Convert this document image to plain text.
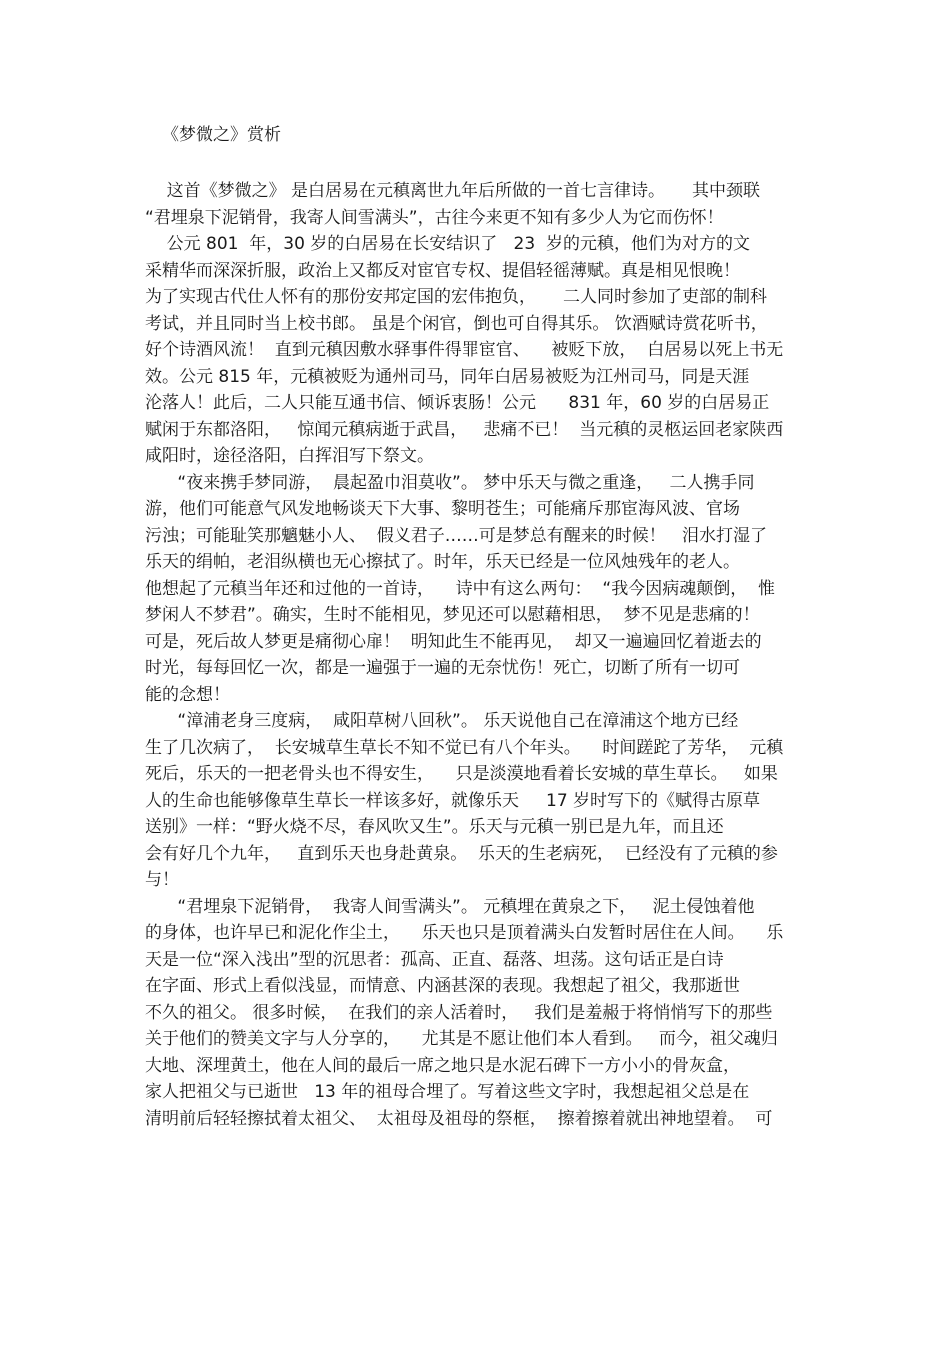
《梦微之》赏析
这首《梦微之》 是白居易在元稹离世九年后所做的一首七言律诗。     其中颈联
“君埋泉下泥销骨，我寄人间雪满头”，古往今来更不知有多少人为它而伤怀！
公元 801  年，30 岁的白居易在长安结识了   23  岁的元稹，他们为对方的文
采精华而深深折服，政治上又都反对宦官专权、提倡轻徭薄赋。真是相见恨晚！
为了实现古代仕人怀有的那份安邦定国的宏伟抱负，     二人同时参加了吏部的制科
考试，并且同时当上校书郎。 虽是个闲官，倒也可自得其乐。 饮酒赋诗赏花听书，
好个诗酒风流！  直到元稹因敷水驿事件得罪宦官、    被贬下放，  白居易以死上书无
效。公元 815 年，元稹被贬为通州司马，同年白居易被贬为江州司马，同是天涯
沦落人！此后，二人只能互通书信、倾诉衷肠！公元      831 年，60 岁的白居易正
赋闲于东都洛阳，   惊闻元稹病逝于武昌，   悲痛不已！  当元稹的灵柩运回老家陕西
咸阳时，途径洛阳，白挥泪写下祭文。
“夜来携手梦同游，  晨起盈巾泪莫收”。 梦中乐天与微之重逢，   二人携手同
游，他们可能意气风发地畅谈天下大事、黎明苍生；可能痛斥那宦海风波、官场
污浊；可能耻笑那魑魅小人、  假义君子……可是梦总有醒来的时候！   泪水打湿了
乐天的绢帕，老泪纵横也无心擦拭了。时年，乐天已经是一位风烛残年的老人。
他想起了元稹当年还和过他的一首诗，    诗中有这么两句：  “我今因病魂颠倒，  惟
梦闲人不梦君”。确实，生时不能相见，梦见还可以慰藉相思，  梦不见是悲痛的！
可是，死后故人梦更是痛彻心扉！  明知此生不能再见，  却又一遍遍回忆着逝去的
时光，每每回忆一次，都是一遍强于一遍的无奈忧伤！死亡，切断了所有一切可
能的念想！
“漳浦老身三度病，  咸阳草树八回秋”。 乐天说他自己在漳浦这个地方已经
生了几次病了，  长安城草生草长不知不觉已有八个年头。    时间蹉跎了芳华，  元稹
死后，乐天的一把老骨头也不得安生，    只是淡漠地看着长安城的草生草长。   如果
人的生命也能够像草生草长一样该多好，就像乐天     17 岁时写下的《赋得古原草
送别》一样：“野火烧不尽，春风吹又生”。乐天与元稹一别已是九年，而且还
会有好几个九年，   直到乐天也身赴黄泉。  乐天的生老病死，  已经没有了元稹的参
与！
“君埋泉下泥销骨，  我寄人间雪满头”。 元稹埋在黄泉之下，   泥土侵蚀着他
的身体，也许早已和泥化作尘土，    乐天也只是顶着满头白发暂时居住在人间。    乐
天是一位“深入浅出”型的沉思者：孤高、正直、磊落、坦荡。这句话正是白诗
在字面、形式上看似浅显，而情意、内涵甚深的表现。我想起了祖父，我那逝世
不久的祖父。 很多时候，  在我们的亲人活着时，   我们是羞赧于将悄悄写下的那些
关于他们的赞美文字与人分享的，    尤其是不愿让他们本人看到。   而今，祖父魂归
大地、深埋黄土，他在人间的最后一席之地只是水泥石碑下一方小小的骨灰盒，
家人把祖父与已逝世   13 年的祖母合埋了。写着这些文字时，我想起祖父总是在
清明前后轻轻擦拭着太祖父、  太祖母及祖母的祭框，  擦着擦着就出神地望着。  可
